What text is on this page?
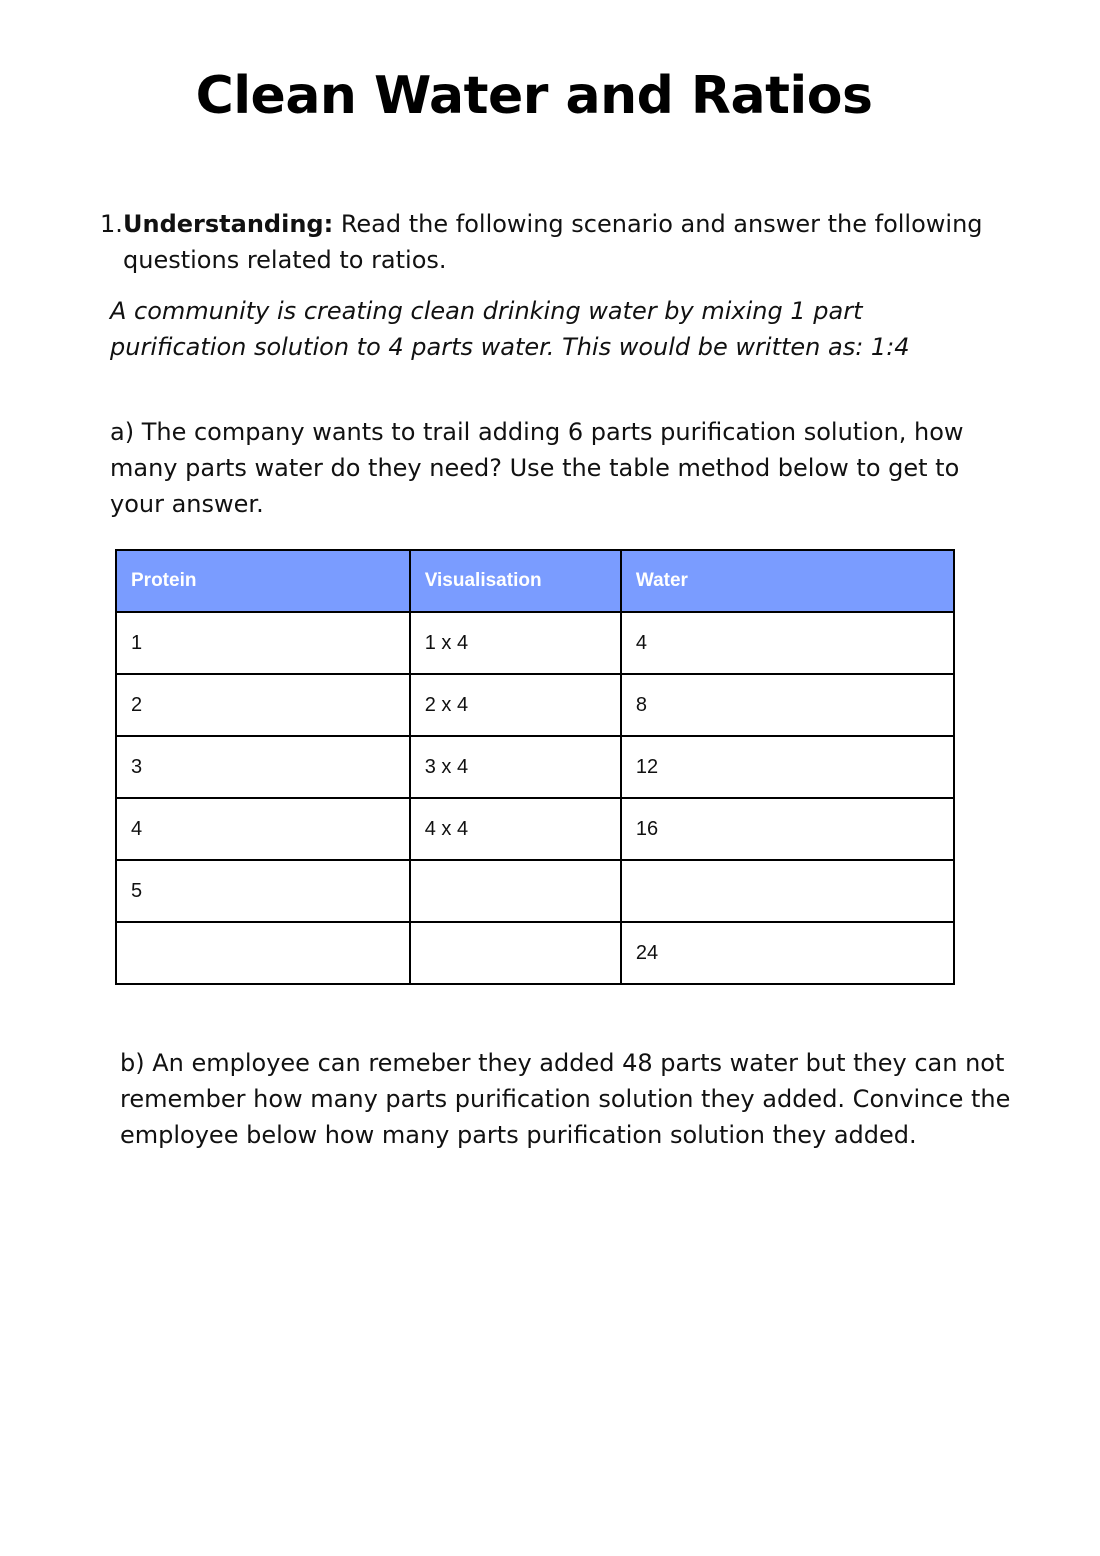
Clean Water and Ratios
1. Understanding: Read the following scenario and answer the following questions related to ratios.
A community is creating clean drinking water by mixing 1 part purification solution to 4 parts water. This would be written as: 1:4
a) The company wants to trail adding 6 parts purification solution, how many parts water do they need? Use the table method below to get to your answer.
Protein	Visualisation	Water
1	1 x 4	4
2	2 x 4	8
3	3 x 4	12
4	4 x 4	16
5		
		24
b) An employee can remeber they added 48 parts water but they can not remember how many parts purification solution they added. Convince the employee below how many parts purification solution they added.
